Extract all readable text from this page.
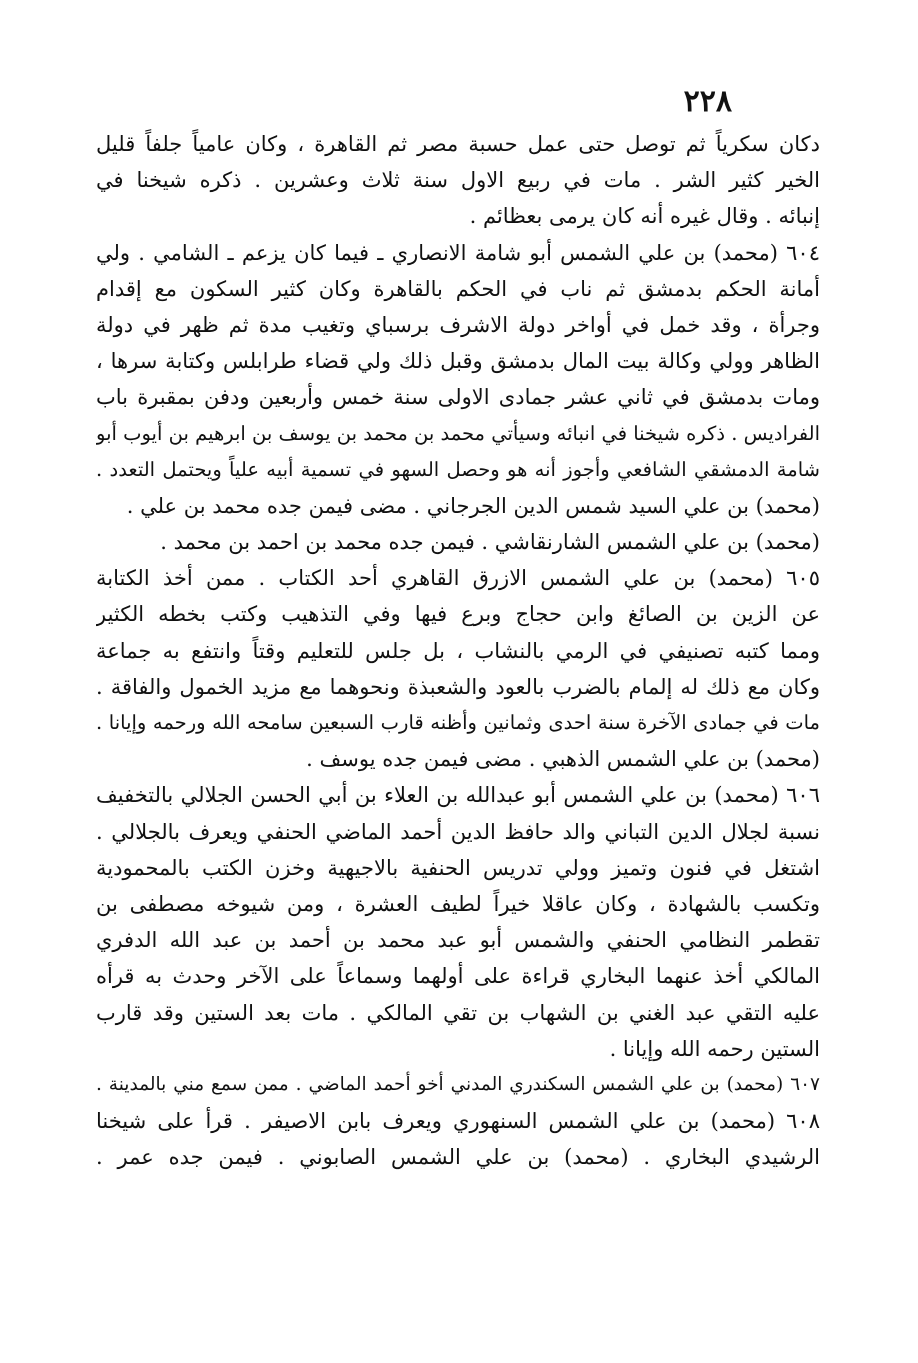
٢٢٨
دكان سكرياً ثم توصل حتى عمل حسبة مصر ثم القاهرة ، وكان عامياً جلفاً قليل
الخير كثير الشر . مات في ربيع الاول سنة ثلاث وعشرين . ذكره شيخنا في
إنبائه . وقال غيره أنه كان يرمى بعظائم .
٦٠٤ (محمد) بن علي الشمس أبو شامة الانصاري ـ فيما كان يزعم ـ الشامي . ولي
أمانة الحكم بدمشق ثم ناب في الحكم بالقاهرة وكان كثير السكون مع إقدام
وجرأة ، وقد خمل في أواخر دولة الاشرف برسباي وتغيب مدة ثم ظهر في دولة
الظاهر وولي وكالة بيت المال بدمشق وقبل ذلك ولي قضاء طرابلس وكتابة سرها ،
ومات بدمشق في ثاني عشر جمادى الاولى سنة خمس وأربعين ودفن بمقبرة باب
الفراديس . ذكره شيخنا في انبائه وسيأتي محمد بن محمد بن يوسف بن ابرهيم بن أيوب أبو
شامة الدمشقي الشافعي وأجوز أنه هو وحصل السهو في تسمية أبيه علياً ويحتمل التعدد .
(محمد) بن علي السيد شمس الدين الجرجاني . مضى فيمن جده محمد بن علي .
(محمد) بن علي الشمس الشارنقاشي . فيمن جده محمد بن احمد بن محمد .
٦٠٥ (محمد) بن علي الشمس الازرق القاهري أحد الكتاب . ممن أخذ الكتابة
عن الزين بن الصائغ وابن حجاج وبرع فيها وفي التذهيب وكتب بخطه الكثير
ومما كتبه تصنيفي في الرمي بالنشاب ، بل جلس للتعليم وقتاً وانتفع به جماعة
وكان مع ذلك له إلمام بالضرب بالعود والشعبذة ونحوهما مع مزيد الخمول والفاقة .
مات في جمادى الآخرة سنة احدى وثمانين وأظنه قارب السبعين سامحه الله ورحمه وإيانا .
(محمد) بن علي الشمس الذهبي . مضى فيمن جده يوسف .
٦٠٦ (محمد) بن علي الشمس أبو عبدالله بن العلاء بن أبي الحسن الجلالي بالتخفيف
نسبة لجلال الدين التباني والد حافظ الدين أحمد الماضي الحنفي ويعرف بالجلالي .
اشتغل في فنون وتميز وولي تدريس الحنفية بالاجيهية وخزن الكتب بالمحمودية
وتكسب بالشهادة ، وكان عاقلا خيراً لطيف العشرة ، ومن شيوخه مصطفى بن
تقطمر النظامي الحنفي والشمس أبو عبد محمد بن أحمد بن عبد الله الدفري
المالكي أخذ عنهما البخاري قراءة على أولهما وسماعاً على الآخر وحدث به قرأه
عليه التقي عبد الغني بن الشهاب بن تقي المالكي . مات بعد الستين وقد قارب
الستين رحمه الله وإيانا .
٦٠٧ (محمد) بن علي الشمس السكندري المدني أخو أحمد الماضي . ممن سمع مني بالمدينة .
٦٠٨ (محمد) بن علي الشمس السنهوري ويعرف بابن الاصيفر . قرأ على شيخنا
الرشيدي البخاري . (محمد) بن علي الشمس الصابوني . فيمن جده عمر .
